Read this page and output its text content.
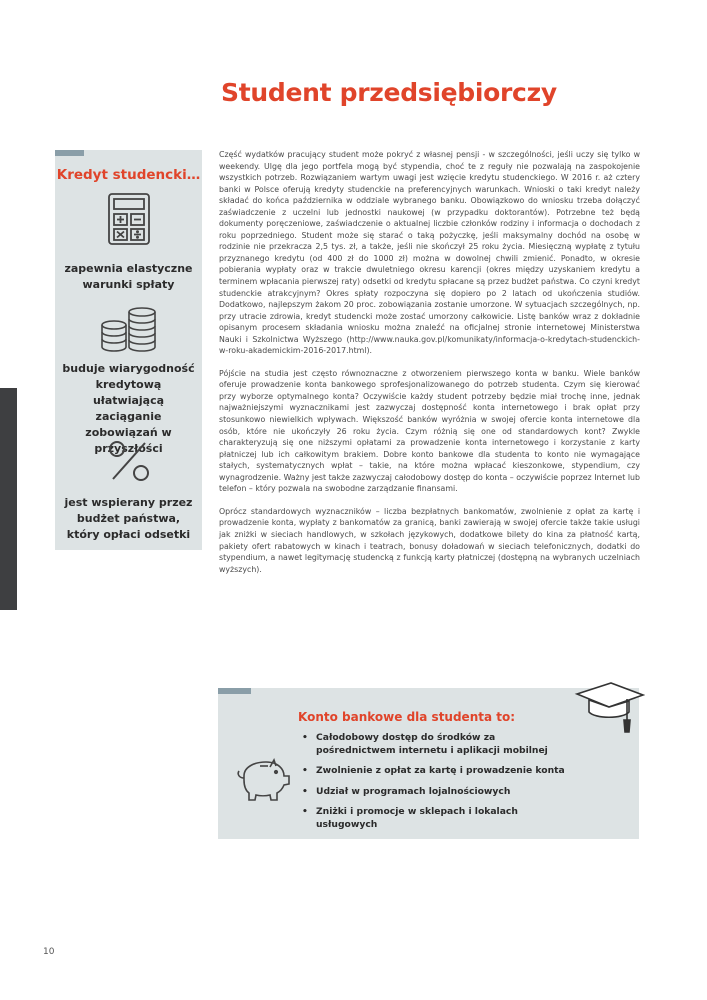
Student przedsiębiorczy
Kredyt studencki…
zapewnia elastyczne warunki spłaty
buduje wiarygodność kredytową ułatwiającą zaciąganie zobowiązań w przyszłości
jest wspierany przez budżet państwa, który opłaci odsetki

Część wydatków pracujący student może pokryć z własnej pensji - w szczególności, jeśli uczy się tylko w weekendy. Ulgę dla jego portfela mogą być stypendia, choć te z reguły nie pozwalają na zaspokojenie wszystkich potrzeb. Rozwiązaniem wartym uwagi jest wzięcie kredytu studenckiego. W 2016 r. aż cztery banki w Polsce oferują kredyty studenckie na preferencyjnych warunkach. Wnioski o taki kredyt należy składać do końca października w oddziale wybranego banku. Obowiązkowo do wniosku trzeba dołączyć zaświadczenie z uczelni lub jednostki naukowej (w przypadku doktorantów). Potrzebne też będą dokumenty poręczeniowe, zaświadczenie o aktualnej liczbie członków rodziny i informacja o dochodach z roku poprzedniego. Student może się starać o taką pożyczkę, jeśli maksymalny dochód na osobę w rodzinie nie przekracza 2,5 tys. zł, a także, jeśli nie skończył 25 roku życia. Miesięczną wypłatę z tytułu przyznanego kredytu (od 400 zł do 1000 zł) można w dowolnej chwili zmienić. Ponadto, w okresie pobierania wypłaty oraz w trakcie dwuletniego okresu karencji (okres między uzyskaniem kredytu a terminem wpłacania pierwszej raty) odsetki od kredytu spłacane są przez budżet państwa. Co czyni kredyt studenckie atrakcyjnym? Okres spłaty rozpoczyna się dopiero po 2 latach od ukończenia studiów. Dodatkowo, najlepszym żakom 20 proc. zobowiązania zostanie umorzone. W sytuacjach szczególnych, np. przy utracie zdrowia, kredyt studencki może zostać umorzony całkowicie. Listę banków wraz z dokładnie opisanym procesem składania wniosku można znaleźć na oficjalnej stronie internetowej Ministerstwa Nauki i Szkolnictwa Wyższego (http://www.nauka.gov.pl/komunikaty/informacja-o-kredytach-studenckich-w-roku-akademickim-2016-2017.html).

Pójście na studia jest często równoznaczne z otworzeniem pierwszego konta w banku. Wiele banków oferuje prowadzenie konta bankowego sprofesjonalizowanego do potrzeb studenta. Czym się kierować przy wyborze optymalnego konta? Oczywiście każdy student potrzeby będzie miał trochę inne, jednak najważniejszymi wyznacznikami jest zazwyczaj dostępność konta internetowego i brak opłat przy stosunkowo niewielkich wpływach. Większość banków wyróżnia w swojej ofercie konta internetowe dla osób, które nie ukończyły 26 roku życia. Czym różnią się one od standardowych kont? Zwykle charakteryzują się one niższymi opłatami za prowadzenie konta internetowego i korzystanie z karty płatniczej lub ich całkowitym brakiem. Dobre konto bankowe dla studenta to konto nie wymagające stałych, systematycznych wpłat – takie, na które można wpłacać kieszonkowe, stypendium, czy wynagrodzenie. Ważny jest także zazwyczaj całodobowy dostęp do konta – oczywiście poprzez Internet lub telefon – który pozwala na swobodne zarządzanie finansami.

Oprócz standardowych wyznaczników – liczba bezpłatnych bankomatów, zwolnienie z opłat za kartę i prowadzenie konta, wypłaty z bankomatów za granicą, banki zawierają w swojej ofercie także takie usługi jak zniżki w sieciach handlowych, w szkołach językowych, dodatkowe bilety do kina za płatność kartą, pakiety ofert rabatowych w kinach i teatrach, bonusy doładowań w sieciach telefonicznych, dodatki do stypendium, a nawet legitymację studencką z funkcją karty płatniczej (dostępną na wybranych uczelniach wyższych).

Konto bankowe dla studenta to:
• Całodobowy dostęp do środków za pośrednictwem internetu i aplikacji mobilnej
• Zwolnienie z opłat za kartę i prowadzenie konta
• Udział w programach lojalnościowych
• Zniżki i promocje w sklepach i lokalach usługowych
10
